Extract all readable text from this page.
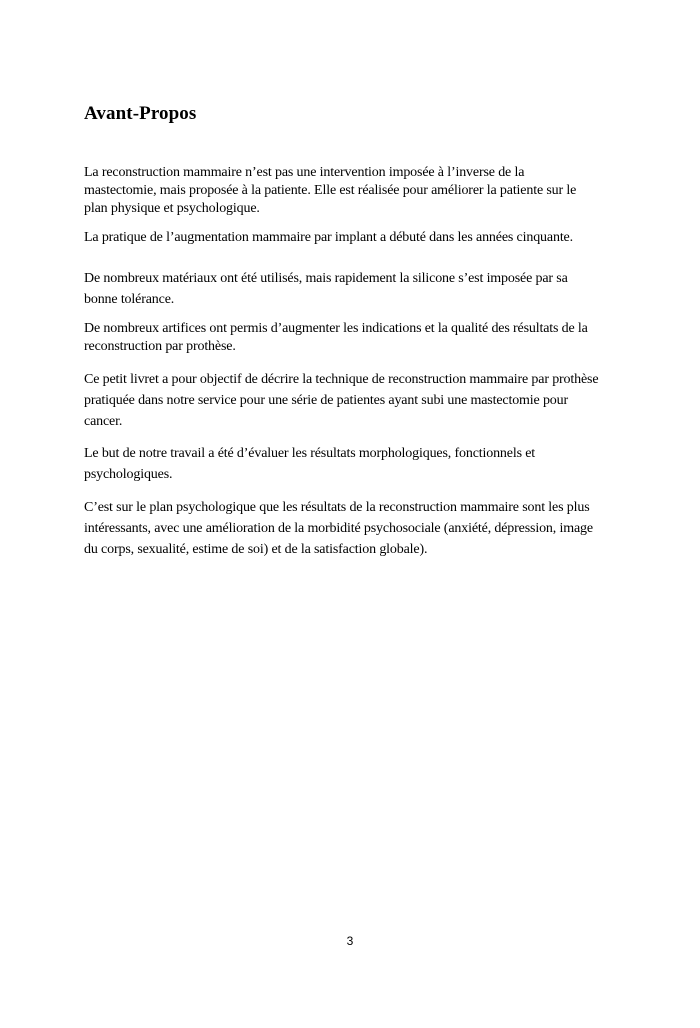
Avant-Propos

La reconstruction mammaire n’est pas une intervention imposée à l’inverse de la
mastectomie, mais proposée à la patiente. Elle est réalisée pour améliorer la patiente sur le
plan physique et psychologique.

La pratique de l’augmentation mammaire par implant a débuté dans les années cinquante.

De nombreux matériaux ont été utilisés, mais rapidement la silicone s’est imposée par sa
bonne tolérance.

De nombreux artifices ont permis d’augmenter les indications et la qualité des résultats de la
reconstruction par prothèse.

Ce petit livret a pour objectif de décrire la technique de reconstruction mammaire par prothèse
pratiquée dans notre service pour une série de patientes ayant subi une mastectomie pour
cancer.

Le but de notre travail a été d’évaluer les résultats morphologiques, fonctionnels et
psychologiques.

C’est sur le plan psychologique que les résultats de la reconstruction mammaire sont les plus
intéressants, avec une amélioration de la morbidité psychosociale (anxiété, dépression, image
du corps, sexualité, estime de soi) et de la satisfaction globale).

3
